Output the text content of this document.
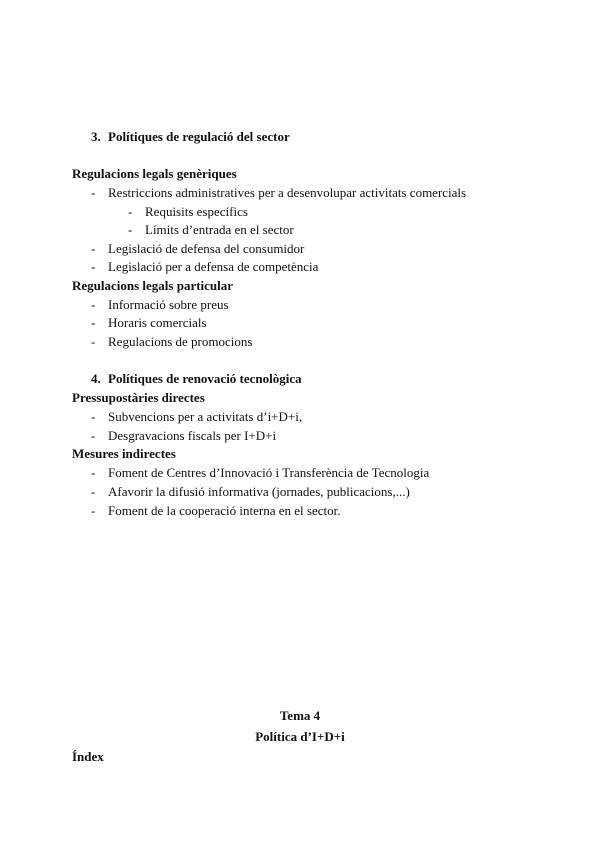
3. Polítiques de regulació del sector
Regulacions legals genèriques
- Restriccions administratives per a desenvolupar activitats comercials
- Requisits específics
- Límits d’entrada en el sector
- Legislació de defensa del consumidor
- Legislació per a defensa de competència
Regulacions legals particular
- Informació sobre preus
- Horaris comercials
- Regulacions de promocions
4. Polítiques de renovació tecnològica
Pressupostàries directes
- Subvencions per a activitats d’i+D+i,
- Desgravacions fiscals per I+D+i
Mesures indirectes
- Foment de Centres d’Innovació i Transferència de Tecnologia
- Afavorir la difusió informativa (jornades, publicacions,...)
- Foment de la cooperació interna en el sector.
Tema 4
Política d’I+D+i
Índex
